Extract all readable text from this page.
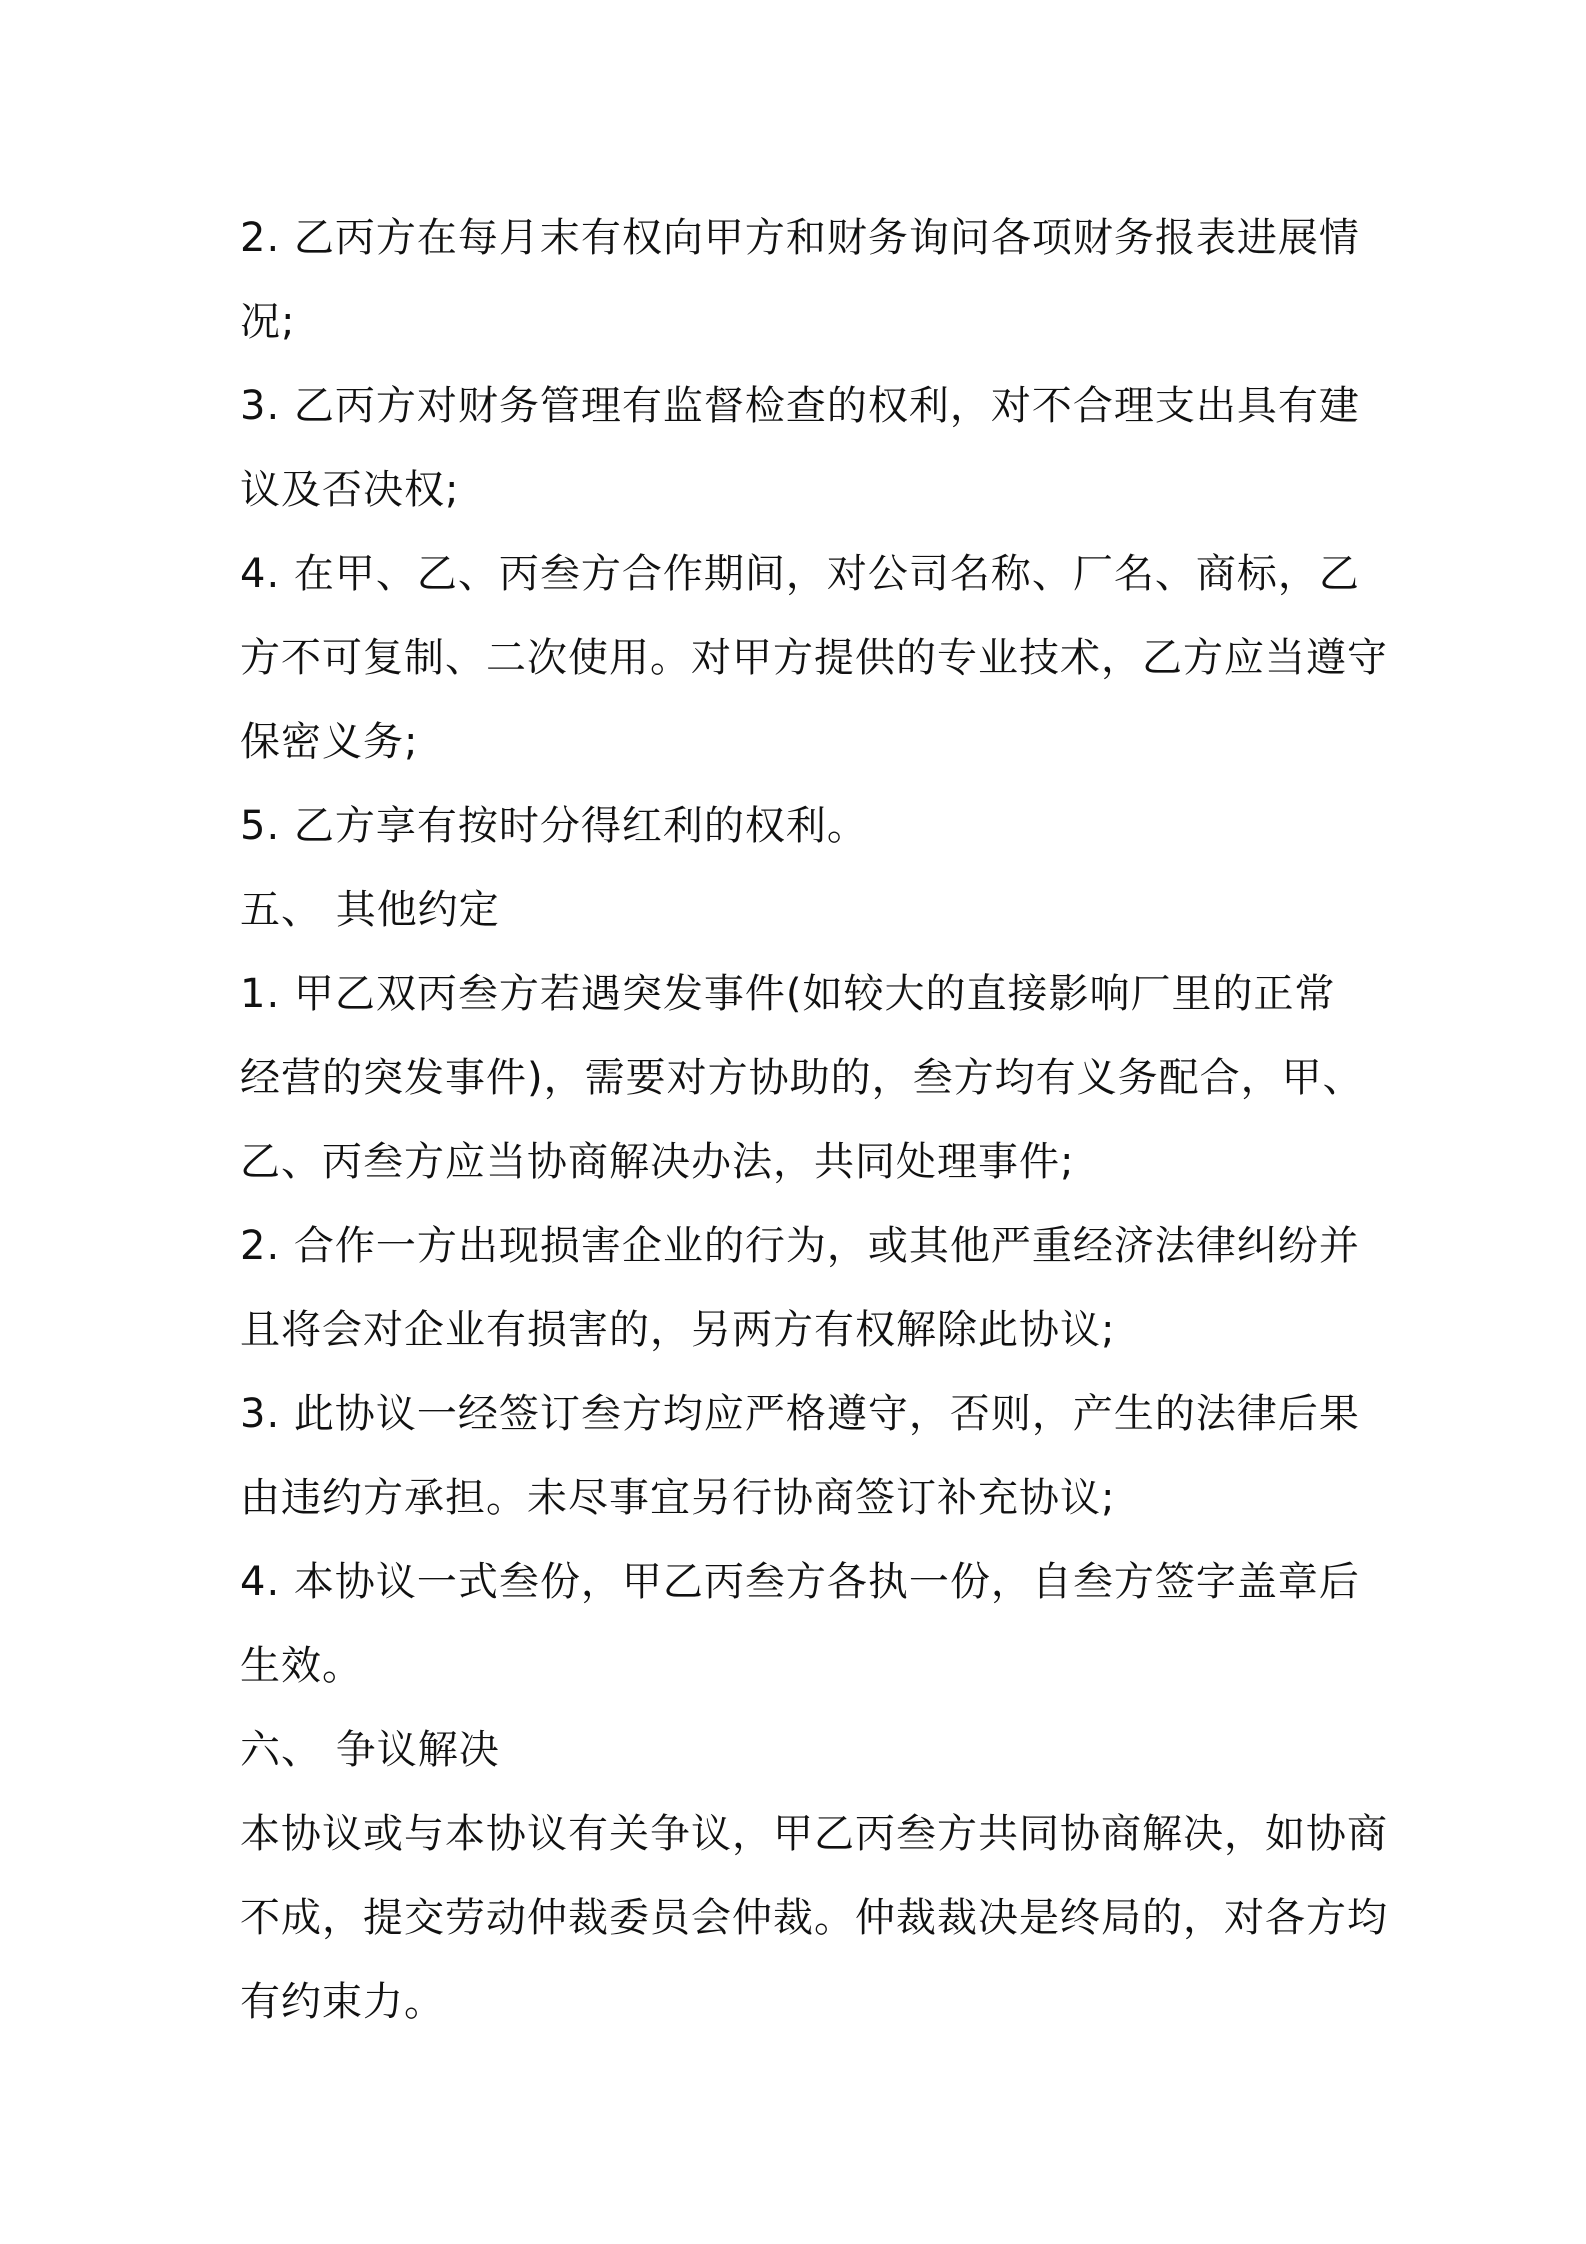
2. 乙丙方在每月末有权向甲方和财务询问各项财务报表进展情
况;
3. 乙丙方对财务管理有监督检查的权利，对不合理支出具有建
议及否决权;
4. 在甲、乙、丙叁方合作期间，对公司名称、厂名、商标，乙
方不可复制、二次使用。对甲方提供的专业技术，乙方应当遵守
保密义务;
5. 乙方享有按时分得红利的权利。
五、 其他约定
1. 甲乙双丙叁方若遇突发事件(如较大的直接影响厂里的正常
经营的突发事件)，需要对方协助的，叁方均有义务配合，甲、
乙、丙叁方应当协商解决办法，共同处理事件;
2. 合作一方出现损害企业的行为，或其他严重经济法律纠纷并
且将会对企业有损害的，另两方有权解除此协议;
3. 此协议一经签订叁方均应严格遵守，否则，产生的法律后果
由违约方承担。未尽事宜另行协商签订补充协议;
4. 本协议一式叁份，甲乙丙叁方各执一份，自叁方签字盖章后
生效。
六、 争议解决
本协议或与本协议有关争议，甲乙丙叁方共同协商解决，如协商
不成，提交劳动仲裁委员会仲裁。仲裁裁决是终局的，对各方均
有约束力。
